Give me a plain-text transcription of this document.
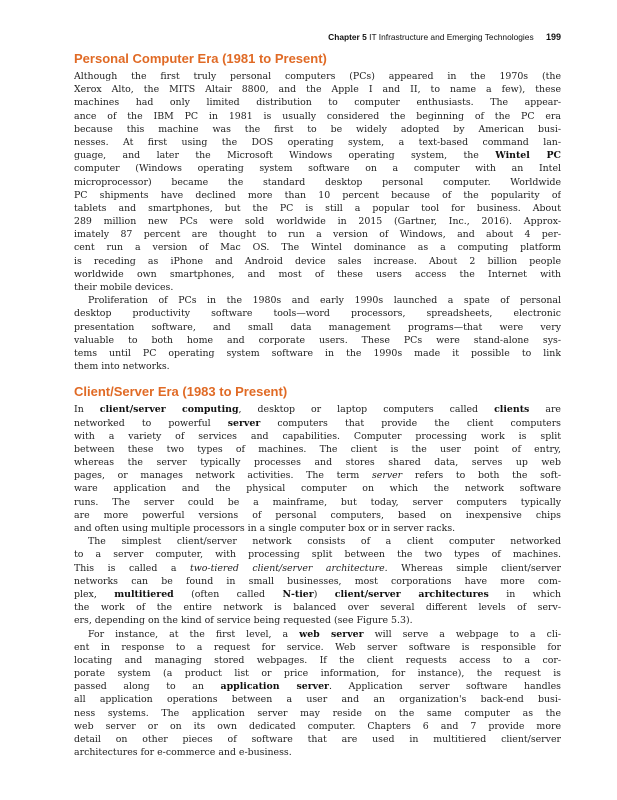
Chapter 5 IT Infrastructure and Emerging Technologies 199
Personal Computer Era (1981 to Present)
Although the first truly personal computers (PCs) appeared in the 1970s (the
Xerox Alto, the MITS Altair 8800, and the Apple I and II, to name a few), these
machines had only limited distribution to computer enthusiasts. The appear-
ance of the IBM PC in 1981 is usually considered the beginning of the PC era
because this machine was the first to be widely adopted by American busi-
nesses. At first using the DOS operating system, a text-based command lan-
guage, and later the Microsoft Windows operating system, the Wintel PC
computer (Windows operating system software on a computer with an Intel
microprocessor) became the standard desktop personal computer. Worldwide
PC shipments have declined more than 10 percent because of the popularity of
tablets and smartphones, but the PC is still a popular tool for business. About
289 million new PCs were sold worldwide in 2015 (Gartner, Inc., 2016). Approx-
imately 87 percent are thought to run a version of Windows, and about 4 per-
cent run a version of Mac OS. The Wintel dominance as a computing platform
is receding as iPhone and Android device sales increase. About 2 billion people
worldwide own smartphones, and most of these users access the Internet with
their mobile devices.
Proliferation of PCs in the 1980s and early 1990s launched a spate of personal
desktop productivity software tools—word processors, spreadsheets, electronic
presentation software, and small data management programs—that were very
valuable to both home and corporate users. These PCs were stand-alone sys-
tems until PC operating system software in the 1990s made it possible to link
them into networks.
Client/Server Era (1983 to Present)
In client/server computing, desktop or laptop computers called clients are
networked to powerful server computers that provide the client computers
with a variety of services and capabilities. Computer processing work is split
between these two types of machines. The client is the user point of entry,
whereas the server typically processes and stores shared data, serves up web
pages, or manages network activities. The term server refers to both the soft-
ware application and the physical computer on which the network software
runs. The server could be a mainframe, but today, server computers typically
are more powerful versions of personal computers, based on inexpensive chips
and often using multiple processors in a single computer box or in server racks.
The simplest client/server network consists of a client computer networked
to a server computer, with processing split between the two types of machines.
This is called a two-tiered client/server architecture. Whereas simple client/server
networks can be found in small businesses, most corporations have more com-
plex, multitiered (often called N-tier) client/server architectures in which
the work of the entire network is balanced over several different levels of serv-
ers, depending on the kind of service being requested (see Figure 5.3).
For instance, at the first level, a web server will serve a webpage to a cli-
ent in response to a request for service. Web server software is responsible for
locating and managing stored webpages. If the client requests access to a cor-
porate system (a product list or price information, for instance), the request is
passed along to an application server. Application server software handles
all application operations between a user and an organization's back-end busi-
ness systems. The application server may reside on the same computer as the
web server or on its own dedicated computer. Chapters 6 and 7 provide more
detail on other pieces of software that are used in multitiered client/server
architectures for e-commerce and e-business.
